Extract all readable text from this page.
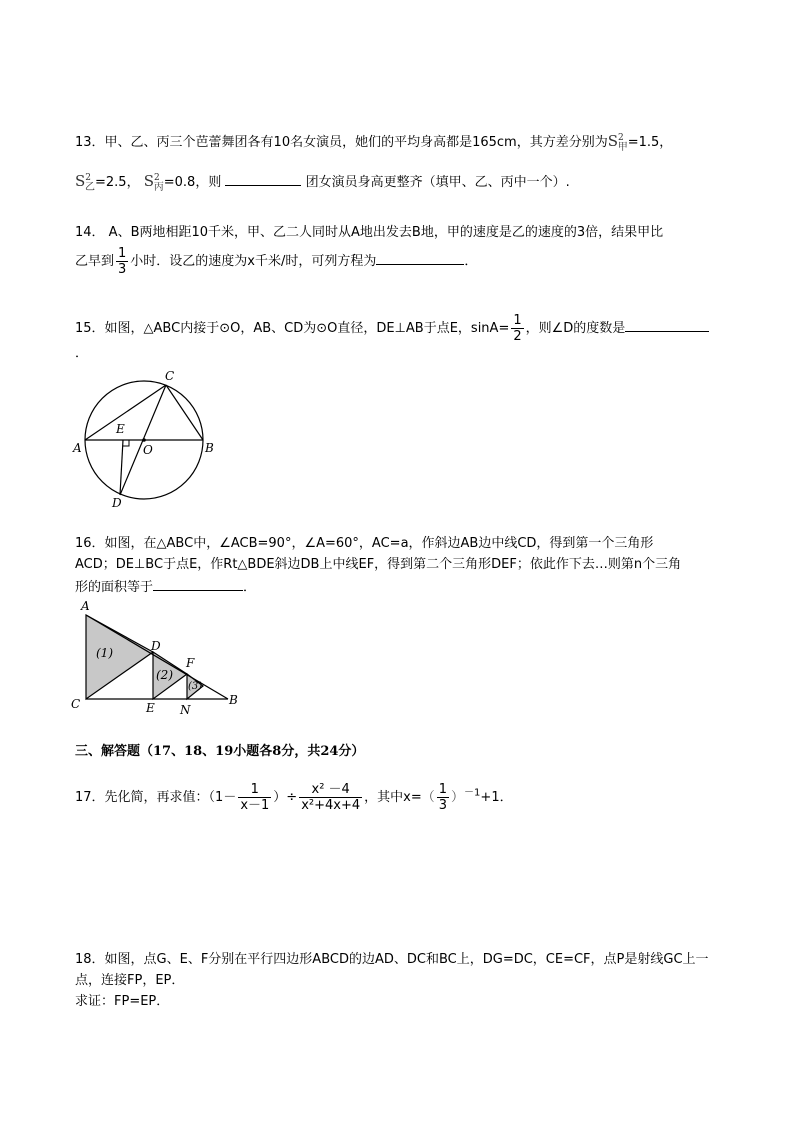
13．甲、乙、丙三个芭蕾舞团各有10名女演员，她们的平均身高都是165cm，其方差分别为$S^2_甲=1.5$，
$S^2_乙=2.5$， $S^2_丙=0.8$，则	团女演员身高更整齐（填甲、乙、丙中一个）.
14． A、B两地相距10千米，甲、乙二人同时从A地出发去B地，甲的速度是乙的速度的3倍，结果甲比
乙早到 $\frac{1}{3}$ 小时．设乙的速度为x千米/时，可列方程为	．
15．如图，△ABC内接于⊙O，AB、CD为⊙O直径，DE⊥AB于点E，$\sin A= \frac{1}{2}$ ，则∠D的度数是
．
A	B
C
D
E
O
16．如图，在△ABC中，∠ACB=90°，∠A=60°，AC=a，作斜边AB边中线CD，得到第一个三角形
ACD；DE⊥BC于点E，作Rt△BDE斜边DB上中线EF，得到第二个三角形DEF；依此作下去…则第n个三角
形的面积等于	．
A
B
C
D
E
F
N
(1)
(2)
(3)
三、解答题（17、18、19小题各8分，共24分）
17．先化简，再求值：（$1- \frac{1}{x-1}$ ）÷ $\frac{\text{x² －4}}{\text{x²+4x+4}}$ ，其中$x=( \frac{1}{3} )^{-1}+1$．
18．如图，点G、E、F分别在平行四边形ABCD的边AD、DC和BC上，DG=DC，CE=CF，点P是射线GC上一
点，连接FP，EP．
求证：FP=EP．
